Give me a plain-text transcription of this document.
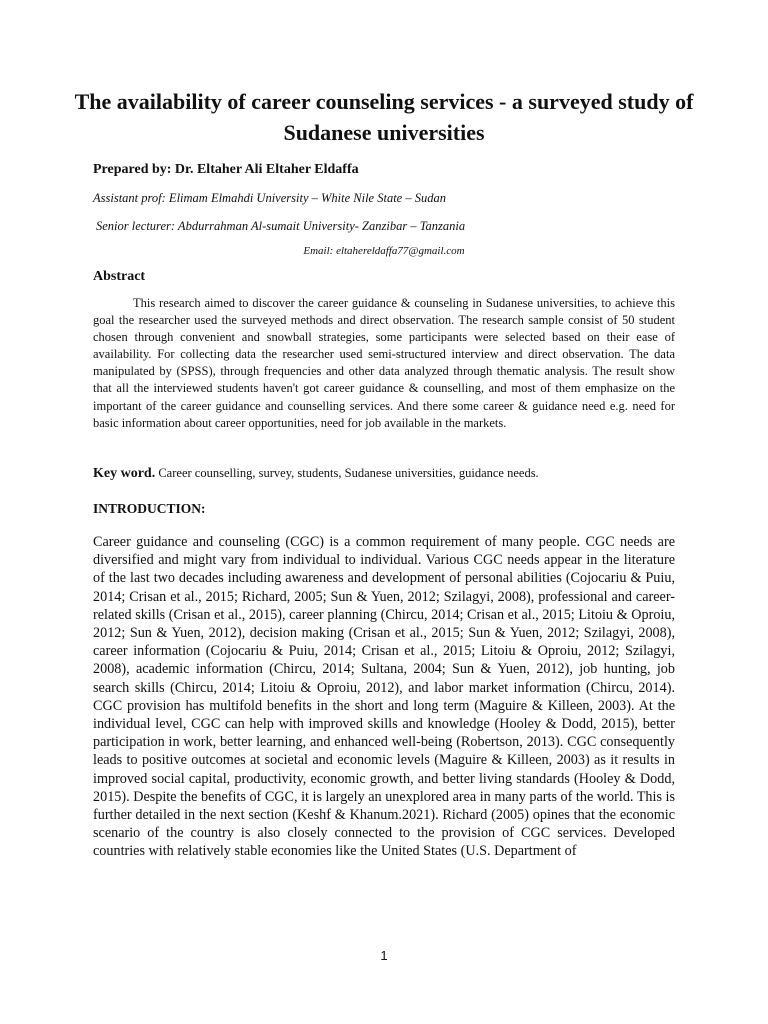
The availability of career counseling services - a surveyed study of Sudanese universities

Prepared by: Dr. Eltaher Ali Eltaher Eldaffa

Assistant prof: Elimam Elmahdi University – White Nile State – Sudan

Senior lecturer: Abdurrahman Al-sumait University- Zanzibar – Tanzania

Email: eltahereldaffa77@gmail.com

Abstract

This research aimed to discover the career guidance & counseling in Sudanese universities, to achieve this goal the researcher used the surveyed methods and direct observation. The research sample consist of 50 student chosen through convenient and snowball strategies, some participants were selected based on their ease of availability. For collecting data the researcher used semi-structured interview and direct observation. The data manipulated by (SPSS), through frequencies and other data analyzed through thematic analysis. The result show that all the interviewed students haven't got career guidance & counselling, and most of them emphasize on the important of the career guidance and counselling services. And there some career & guidance need e.g. need for basic information about career opportunities, need for job available in the markets.

Key word. Career counselling, survey, students, Sudanese universities, guidance needs.

INTRODUCTION:

Career guidance and counseling (CGC) is a common requirement of many people. CGC needs are diversified and might vary from individual to individual. Various CGC needs appear in the literature of the last two decades including awareness and development of personal abilities (Cojocariu & Puiu, 2014; Crisan et al., 2015; Richard, 2005; Sun & Yuen, 2012; Szilagyi, 2008), professional and career-related skills (Crisan et al., 2015), career planning (Chircu, 2014; Crisan et al., 2015; Litoiu & Oproiu, 2012; Sun & Yuen, 2012), decision making (Crisan et al., 2015; Sun & Yuen, 2012; Szilagyi, 2008), career information (Cojocariu & Puiu, 2014; Crisan et al., 2015; Litoiu & Oproiu, 2012; Szilagyi, 2008), academic information (Chircu, 2014; Sultana, 2004; Sun & Yuen, 2012), job hunting, job search skills (Chircu, 2014; Litoiu & Oproiu, 2012), and labor market information (Chircu, 2014). CGC provision has multifold benefits in the short and long term (Maguire & Killeen, 2003). At the individual level, CGC can help with improved skills and knowledge (Hooley & Dodd, 2015), better participation in work, better learning, and enhanced well-being (Robertson, 2013). CGC consequently leads to positive outcomes at societal and economic levels (Maguire & Killeen, 2003) as it results in improved social capital, productivity, economic growth, and better living standards (Hooley & Dodd, 2015). Despite the benefits of CGC, it is largely an unexplored area in many parts of the world. This is further detailed in the next section (Keshf & Khanum.2021). Richard (2005) opines that the economic scenario of the country is also closely connected to the provision of CGC services. Developed countries with relatively stable economies like the United States (U.S. Department of

1
